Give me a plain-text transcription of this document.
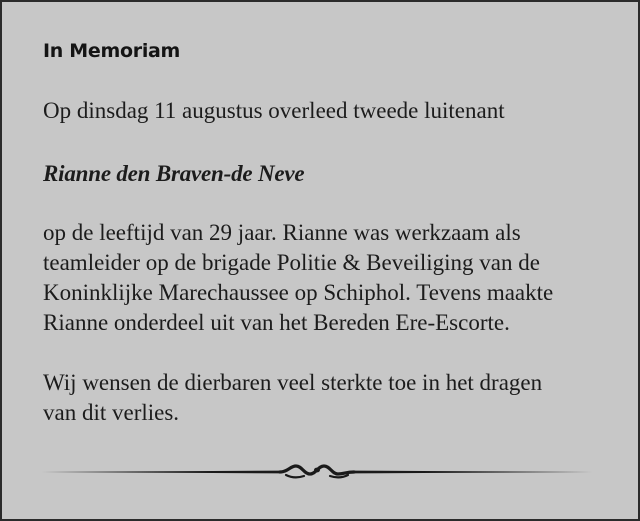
In Memoriam

Op dinsdag 11 augustus overleed tweede luitenant

Rianne den Braven-de Neve

op de leeftijd van 29 jaar. Rianne was werkzaam als
teamleider op de brigade Politie & Beveiliging van de
Koninklijke Marechaussee op Schiphol. Tevens maakte
Rianne onderdeel uit van het Bereden Ere-Escorte.

Wij wensen de dierbaren veel sterkte toe in het dragen
van dit verlies.
